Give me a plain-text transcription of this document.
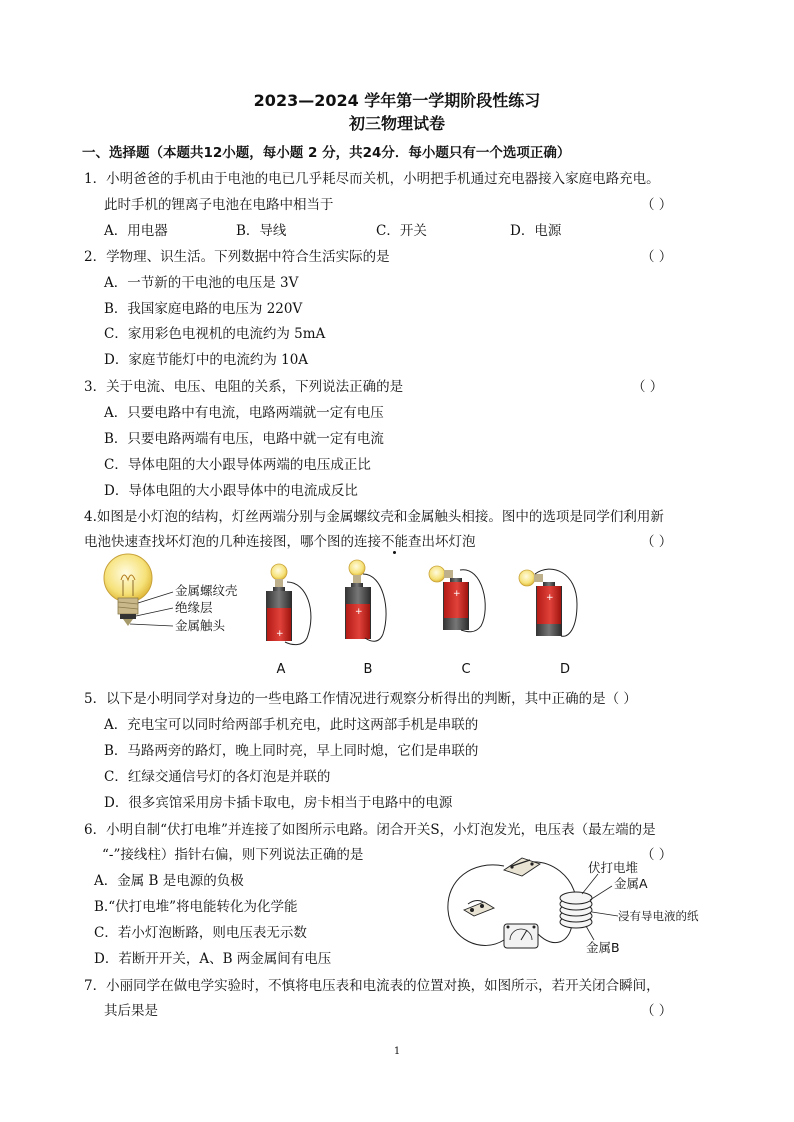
2023—2024 学年第一学期阶段性练习
初三物理试卷
一、选择题（本题共12小题，每小题 2 分，共24分．每小题只有一个选项正确）
1．小明爸爸的手机由于电池的电已几乎耗尽而关机，小明把手机通过充电器接入家庭电路充电。
此时手机的锂离子电池在电路中相当于	（ ）
A．用电器	B．导线	C．开关	D．电源
2．学物理、识生活。下列数据中符合生活实际的是	（ ）
A．一节新的干电池的电压是 3V
B．我国家庭电路的电压为 220V
C．家用彩色电视机的电流约为 5mA
D．家庭节能灯中的电流约为 10A
3．关于电流、电压、电阻的关系，下列说法正确的是	（ ）
A．只要电路中有电流，电路两端就一定有电压
B．只要电路两端有电压，电路中就一定有电流
C．导体电阻的大小跟导体两端的电压成正比
D．导体电阻的大小跟导体中的电流成反比
4.如图是小灯泡的结构，灯丝两端分别与金属螺纹壳和金属触头相接。图中的选项是同学们利用新
电池快速查找坏灯泡的几种连接图，哪个图的连接不能查出坏灯泡	（ ）
金属螺纹壳
绝缘层
金属触头
+
A
+
B
+
C
+
D
5．以下是小明同学对身边的一些电路工作情况进行观察分析得出的判断，其中正确的是（ ）
A．充电宝可以同时给两部手机充电，此时这两部手机是串联的
B．马路两旁的路灯，晚上同时亮，早上同时熄，它们是串联的
C．红绿交通信号灯的各灯泡是并联的
D．很多宾馆采用房卡插卡取电，房卡相当于电路中的电源
6．小明自制“伏打电堆”并连接了如图所示电路。闭合开关S，小灯泡发光，电压表（最左端的是
“-”接线柱）指针右偏，则下列说法正确的是	（ ）
A．金属 B 是电源的负极
B.“伏打电堆”将电能转化为化学能
C．若小灯泡断路，则电压表无示数
D．若断开开关，A、B 两金属间有电压
伏打电堆
金属A
浸有导电液的纸
金属B
7．小丽同学在做电学实验时，不慎将电压表和电流表的位置对换，如图所示，若开关闭合瞬间，
其后果是	（ ）
1
